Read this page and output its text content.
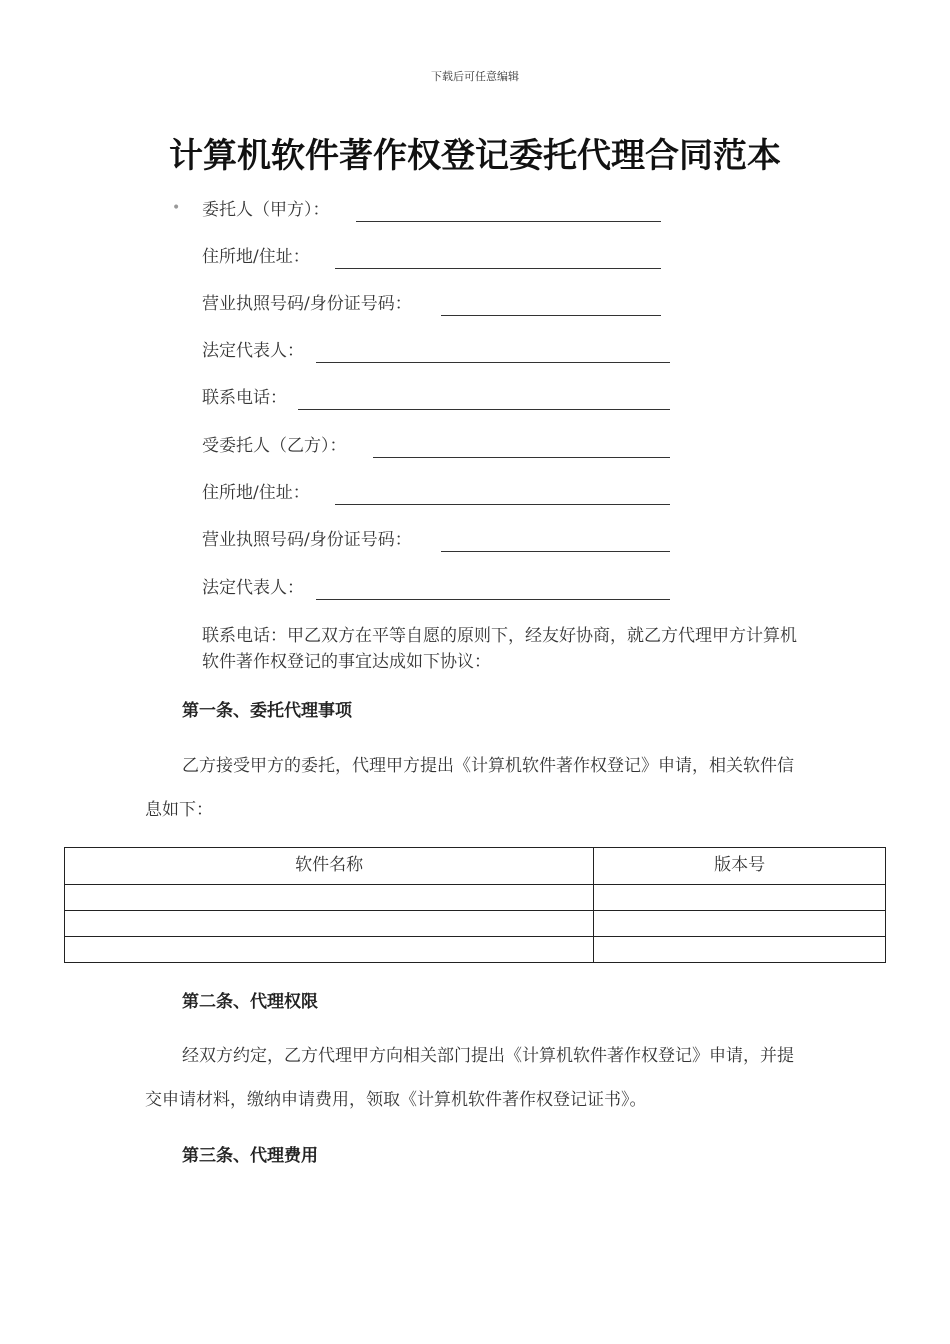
下载后可任意编辑
计算机软件著作权登记委托代理合同范本
• 委托人（甲方）：
住所地/住址：
营业执照号码/身份证号码：
法定代表人：
联系电话：
受委托人（乙方）：
住所地/住址：
营业执照号码/身份证号码：
法定代表人：
联系电话：甲乙双方在平等自愿的原则下，经友好协商，就乙方代理甲方计算机软件著作权登记的事宜达成如下协议：
第一条、委托代理事项
乙方接受甲方的委托，代理甲方提出《计算机软件著作权登记》申请，相关软件信息如下：
软件名称	版本号

第二条、代理权限
经双方约定，乙方代理甲方向相关部门提出《计算机软件著作权登记》申请，并提交申请材料，缴纳申请费用，领取《计算机软件著作权登记证书》。
第三条、代理费用
